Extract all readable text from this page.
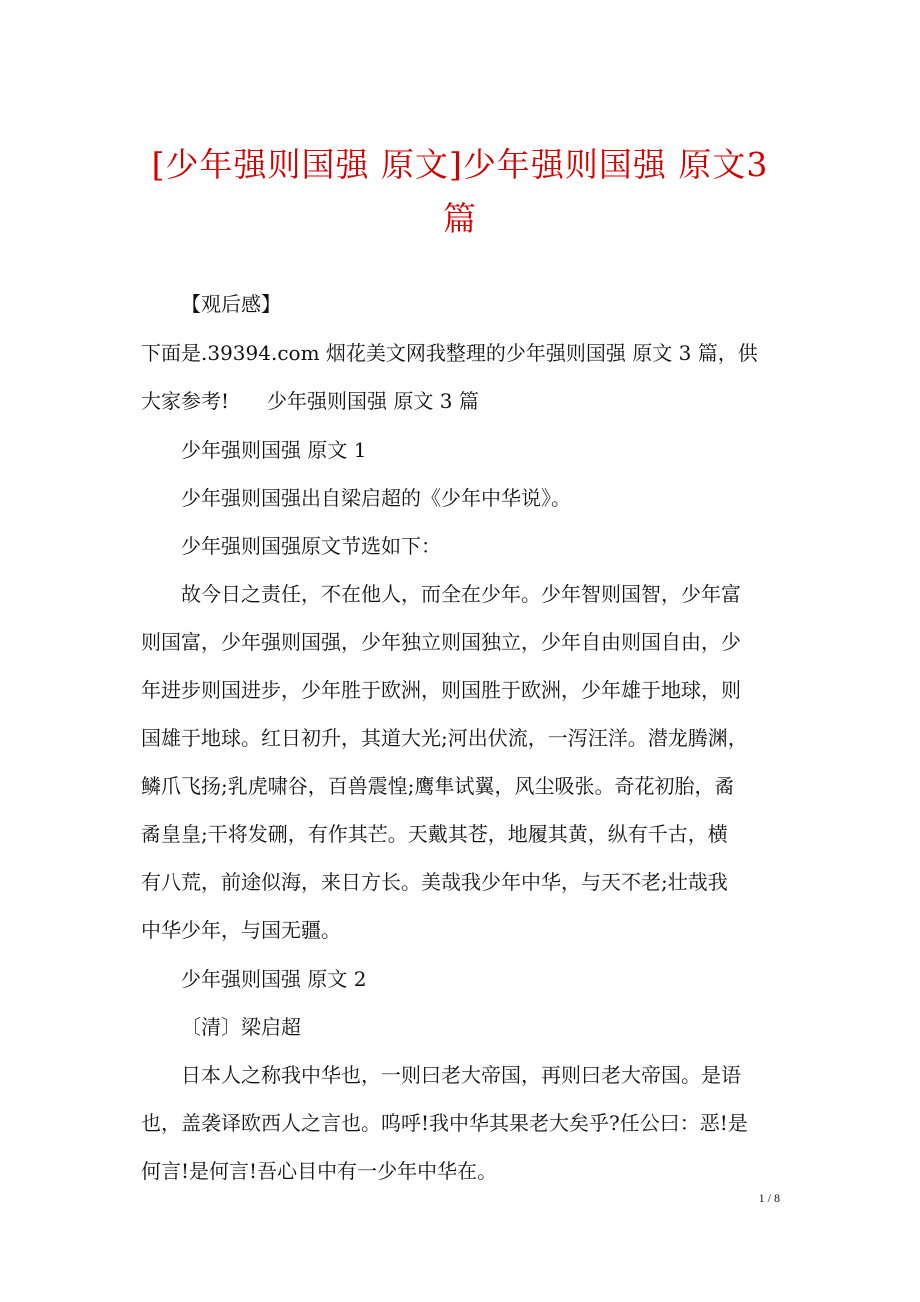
[少年强则国强 原文]少年强则国强 原文3
篇
【观后感】
下面是.39394.com 烟花美文网我整理的少年强则国强 原文 3 篇，供
大家参考! 少年强则国强 原文 3 篇
少年强则国强 原文 1
少年强则国强出自梁启超的《少年中华说》。
少年强则国强原文节选如下：
故今日之责任，不在他人，而全在少年。少年智则国智，少年富
则国富，少年强则国强，少年独立则国独立，少年自由则国自由，少
年进步则国进步，少年胜于欧洲，则国胜于欧洲，少年雄于地球，则
国雄于地球。红日初升，其道大光;河出伏流，一泻汪洋。潜龙腾渊，
鳞爪飞扬;乳虎啸谷，百兽震惶;鹰隼试翼，风尘吸张。奇花初胎，矞
矞皇皇;干将发硎，有作其芒。天戴其苍，地履其黄，纵有千古，横
有八荒，前途似海，来日方长。美哉我少年中华，与天不老;壮哉我
中华少年，与国无疆。
少年强则国强 原文 2
〔清〕梁启超
日本人之称我中华也，一则曰老大帝国，再则曰老大帝国。是语
也，盖袭译欧西人之言也。呜呼!我中华其果老大矣乎?任公曰：恶!是
何言!是何言!吾心目中有一少年中华在。
1 / 8
